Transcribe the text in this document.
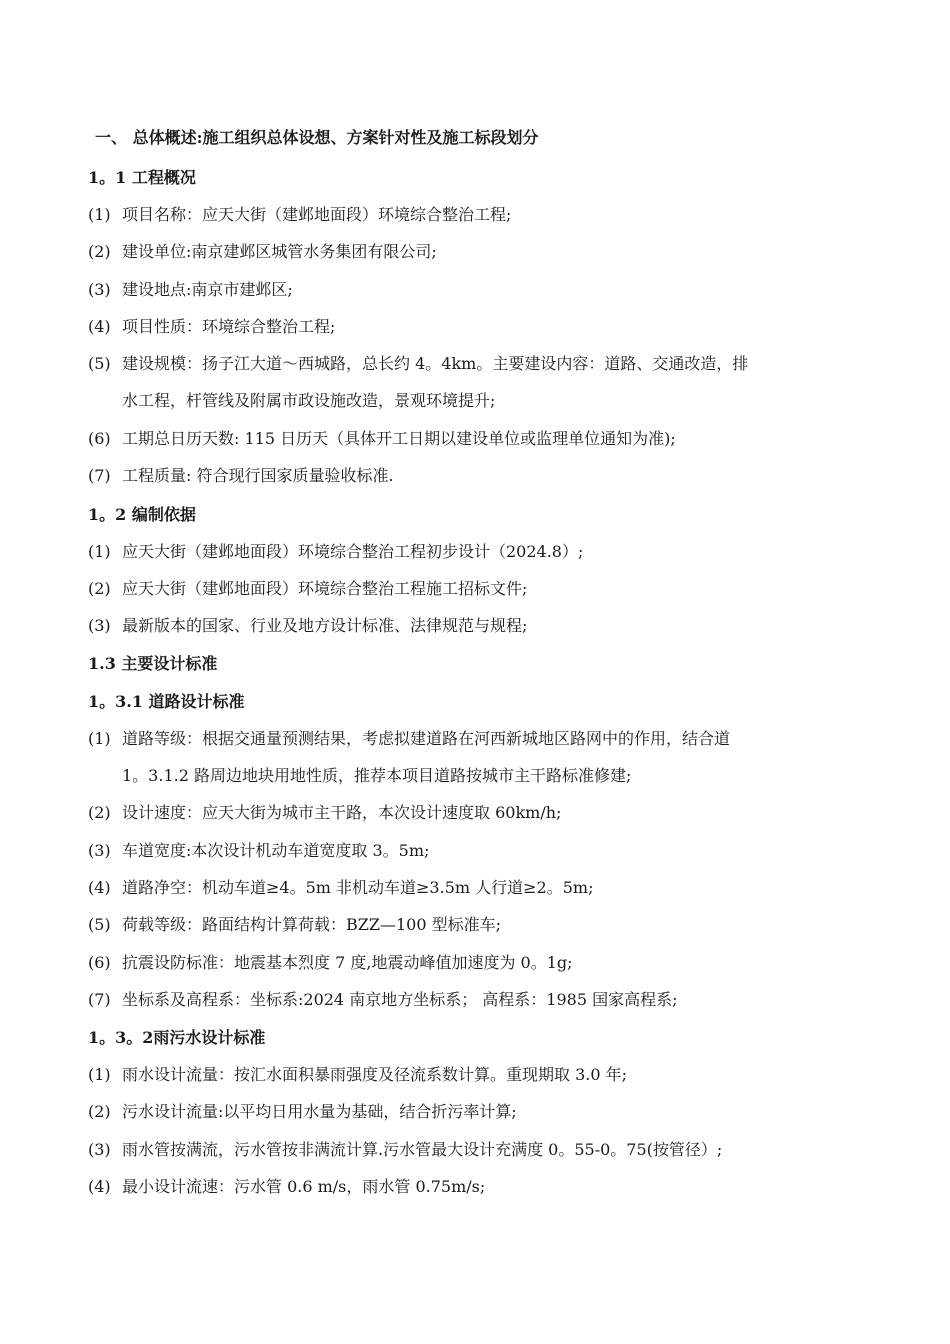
一、 总体概述:施工组织总体设想、方案针对性及施工标段划分
1。1 工程概况
(1) 项目名称：应天大街（建邺地面段）环境综合整治工程;
(2) 建设单位:南京建邺区城管水务集团有限公司;
(3) 建设地点:南京市建邺区;
(4) 项目性质：环境综合整治工程;
(5) 建设规模：扬子江大道～西城路，总长约 4。4km。主要建设内容：道路、交通改造，排
水工程，杆管线及附属市政设施改造，景观环境提升;
(6) 工期总日历天数: 115 日历天（具体开工日期以建设单位或监理单位通知为准);
(7) 工程质量: 符合现行国家质量验收标准.
1。2 编制依据
(1) 应天大街（建邺地面段）环境综合整治工程初步设计（2024.8）;
(2) 应天大街（建邺地面段）环境综合整治工程施工招标文件;
(3) 最新版本的国家、行业及地方设计标准、法律规范与规程;
1.3 主要设计标准
1。3.1 道路设计标准
(1) 道路等级：根据交通量预测结果，考虑拟建道路在河西新城地区路网中的作用，结合道
1。3.1.2 路周边地块用地性质，推荐本项目道路按城市主干路标准修建;
(2) 设计速度：应天大街为城市主干路，本次设计速度取 60km/h;
(3) 车道宽度:本次设计机动车道宽度取 3。5m;
(4) 道路净空：机动车道≥4。5m 非机动车道≥3.5m 人行道≥2。5m;
(5) 荷载等级：路面结构计算荷载：BZZ—100 型标准车;
(6) 抗震设防标准：地震基本烈度 7 度,地震动峰值加速度为 0。1g;
(7) 坐标系及高程系：坐标系:2024 南京地方坐标系； 高程系：1985 国家高程系;
1。3。2雨污水设计标准
(1) 雨水设计流量：按汇水面积暴雨强度及径流系数计算。重现期取 3.0 年;
(2) 污水设计流量:以平均日用水量为基础，结合折污率计算;
(3) 雨水管按满流，污水管按非满流计算.污水管最大设计充满度 0。55-0。75(按管径）;
(4) 最小设计流速：污水管 0.6 m/s，雨水管 0.75m/s;
